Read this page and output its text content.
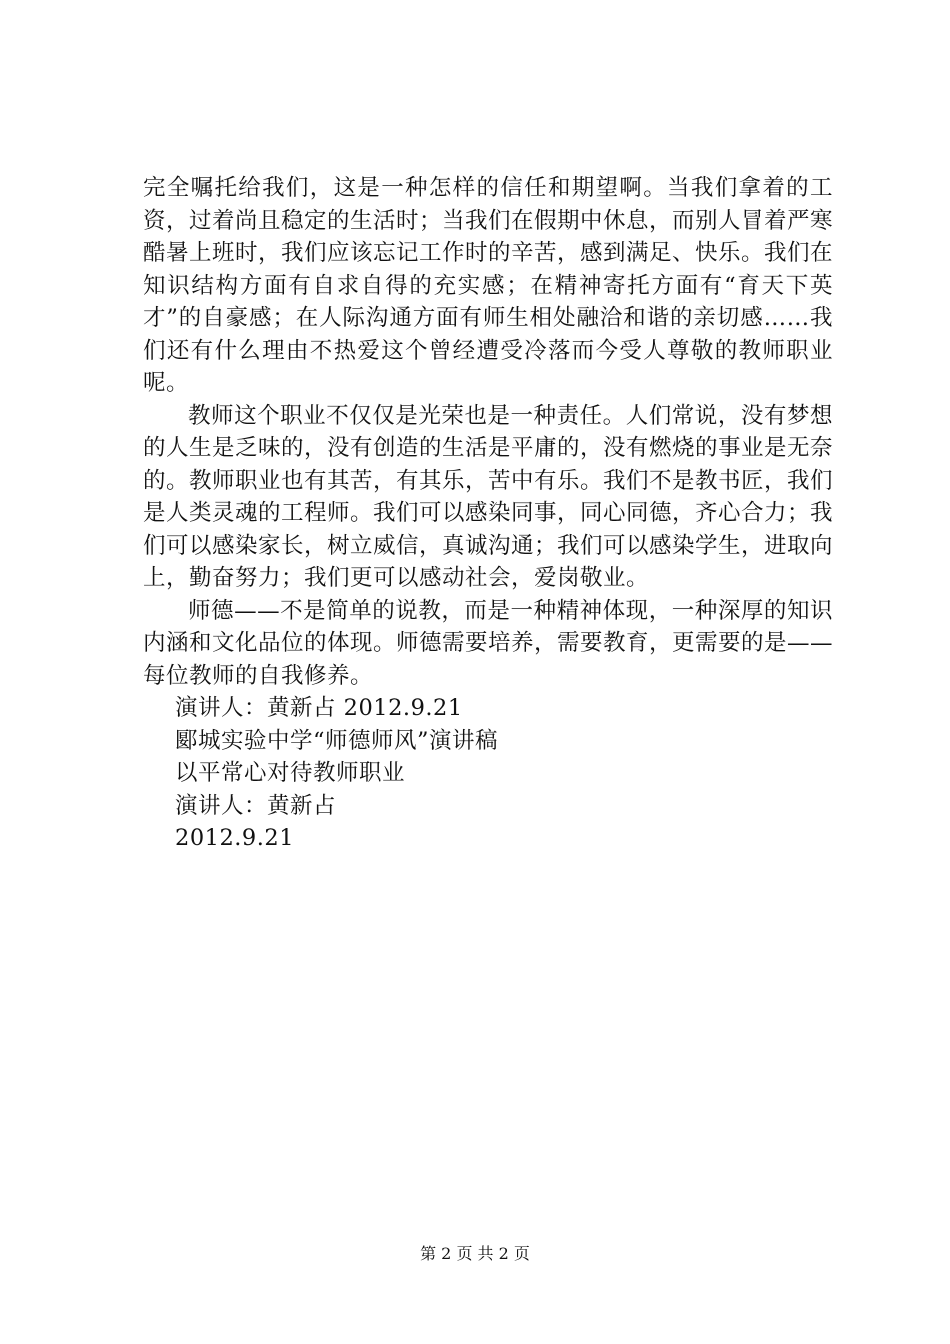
完全嘱托给我们，这是一种怎样的信任和期望啊。当我们拿着的工资，过着尚且稳定的生活时；当我们在假期中休息，而别人冒着严寒酷暑上班时，我们应该忘记工作时的辛苦，感到满足、快乐。我们在知识结构方面有自求自得的充实感；在精神寄托方面有“育天下英才”的自豪感；在人际沟通方面有师生相处融洽和谐的亲切感……我们还有什么理由不热爱这个曾经遭受冷落而今受人尊敬的教师职业呢。

教师这个职业不仅仅是光荣也是一种责任。人们常说，没有梦想的人生是乏味的，没有创造的生活是平庸的，没有燃烧的事业是无奈的。教师职业也有其苦，有其乐，苦中有乐。我们不是教书匠，我们是人类灵魂的工程师。我们可以感染同事，同心同德，齐心合力；我们可以感染家长，树立威信，真诚沟通；我们可以感染学生，进取向上，勤奋努力；我们更可以感动社会，爱岗敬业。

师德——不是简单的说教，而是一种精神体现，一种深厚的知识内涵和文化品位的体现。师德需要培养，需要教育，更需要的是——每位教师的自我修养。

演讲人：黄新占 2012.9.21

郾城实验中学“师德师风”演讲稿

以平常心对待教师职业

演讲人：黄新占

2012.9.21

第 2 页 共 2 页
